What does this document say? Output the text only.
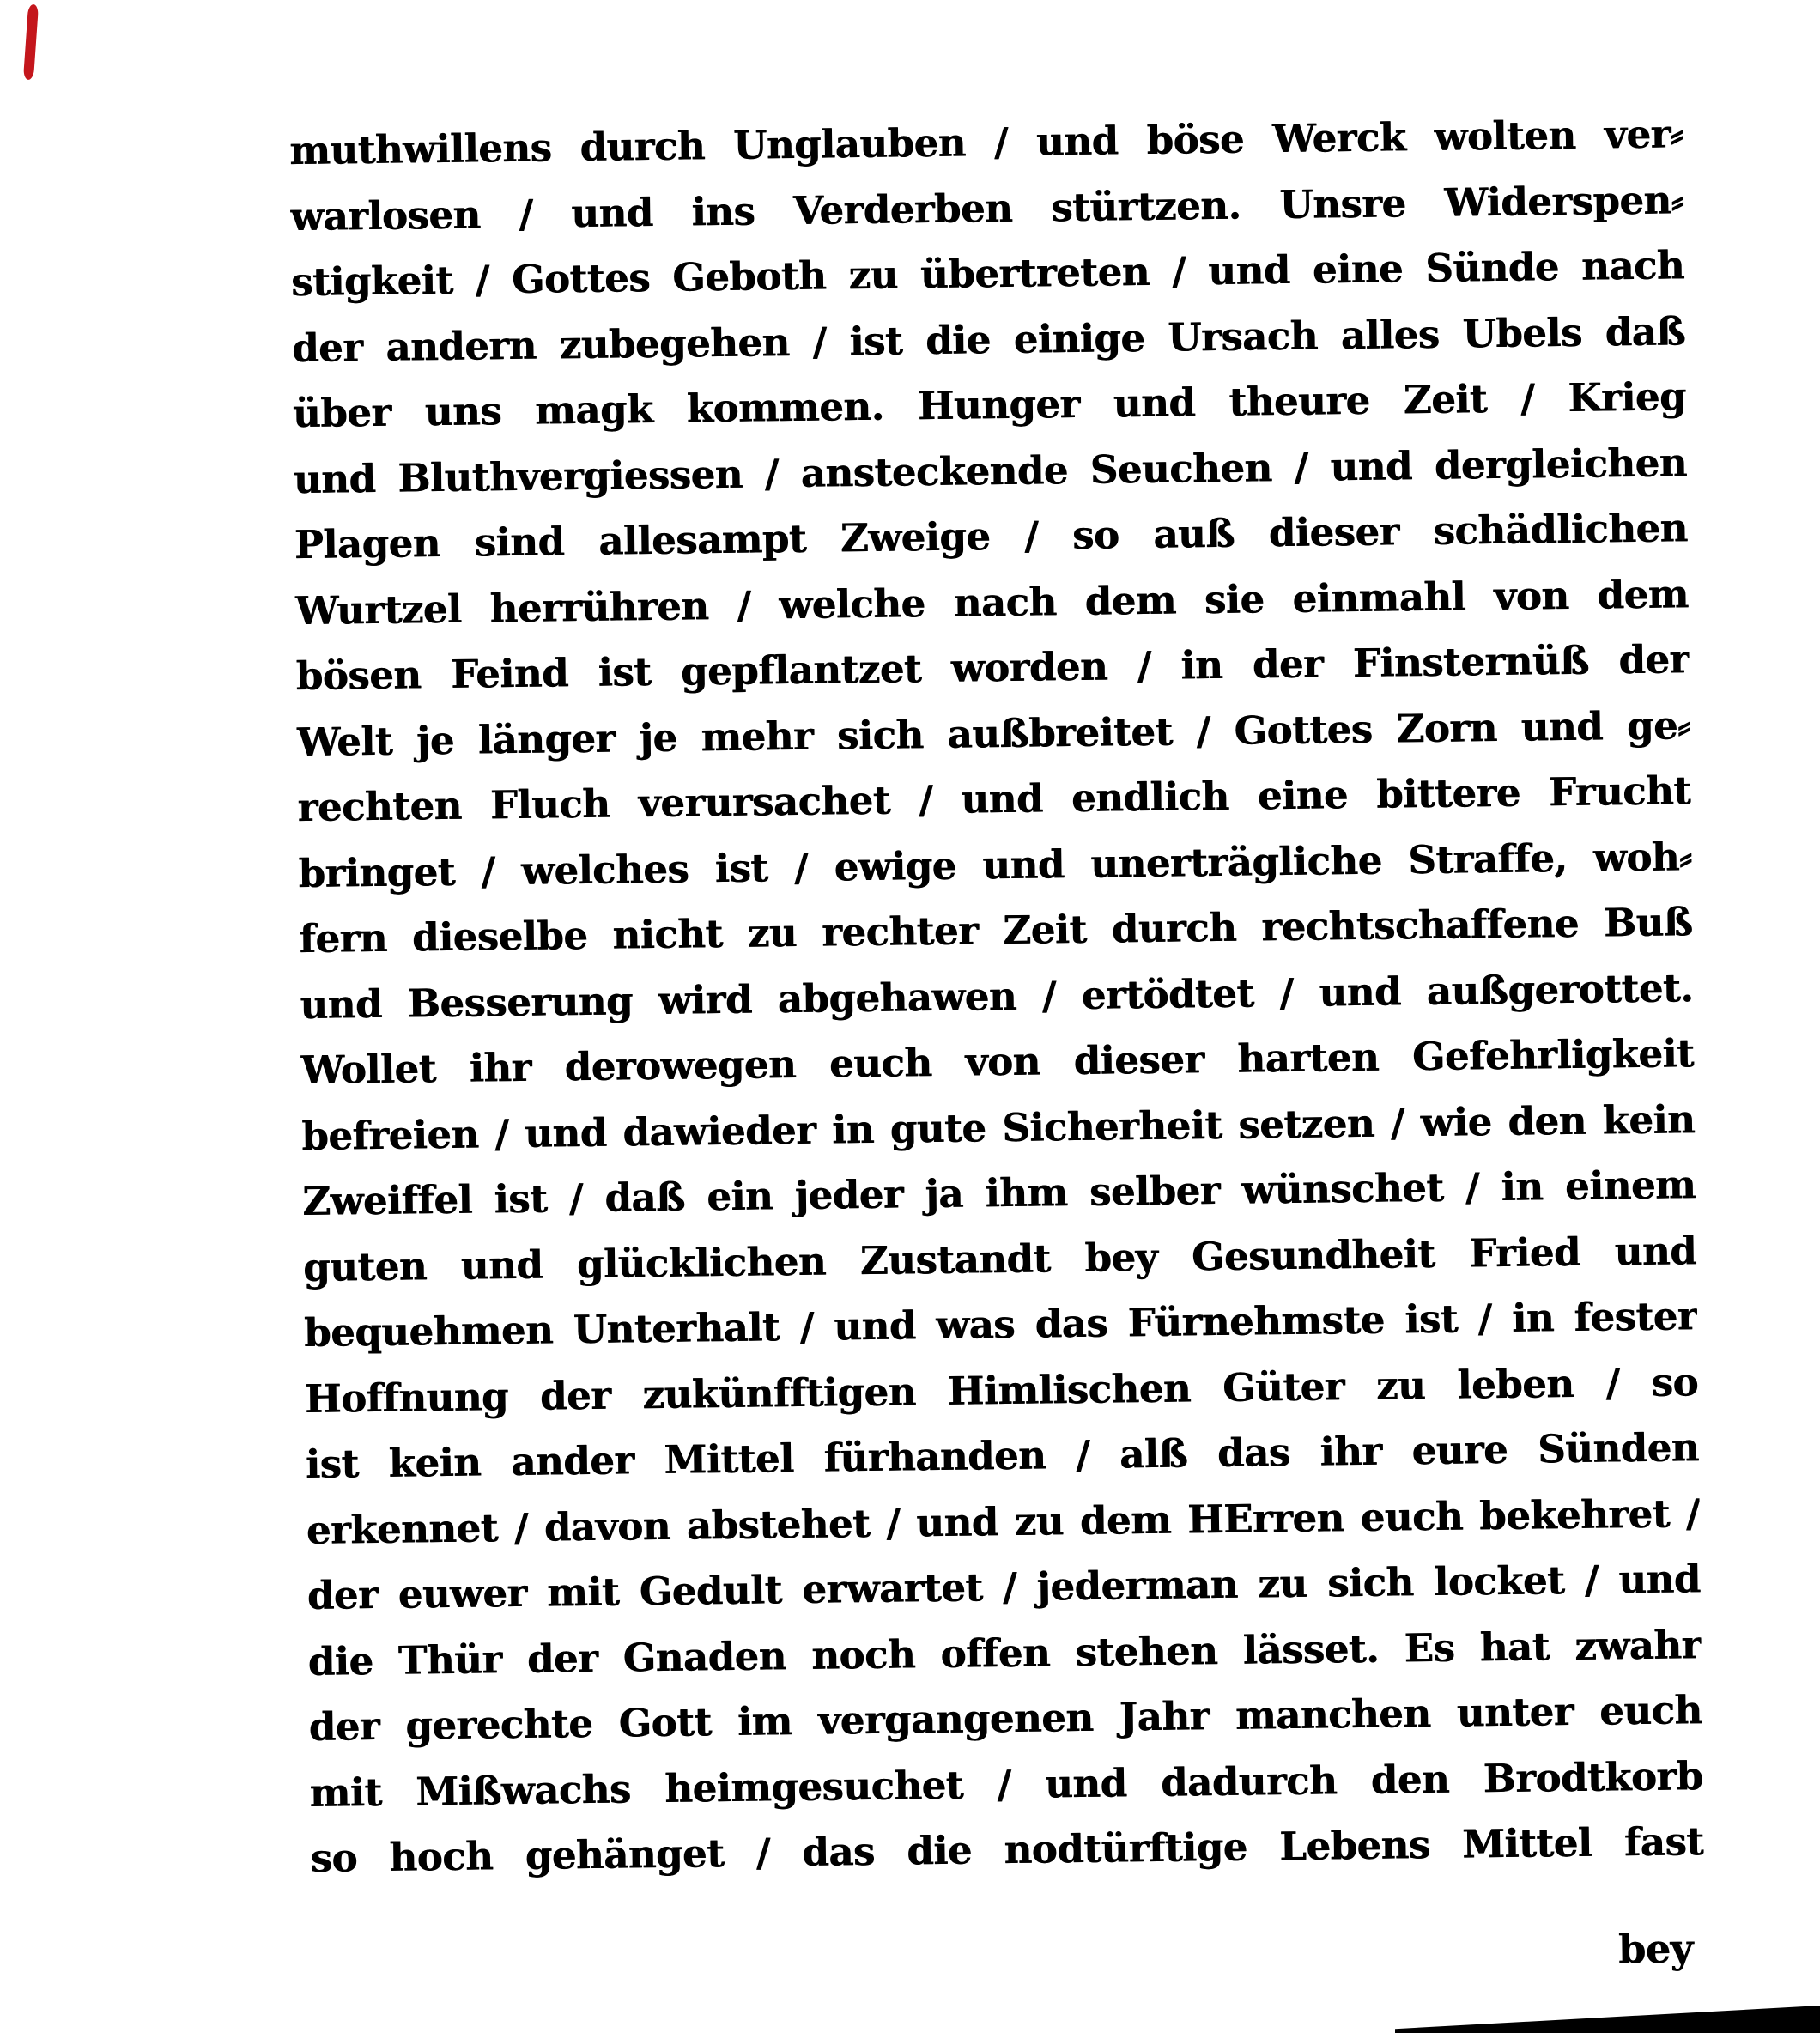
muthwillens durch Unglauben / und böse Werck wolten ver⸗
warlosen / und ins Verderben stürtzen. Unsre Widerspen⸗
stigkeit / Gottes Geboth zu übertreten / und eine Sünde nach
der andern zubegehen / ist die einige Ursach alles Ubels daß
über uns magk kommen. Hunger und theure Zeit / Krieg
und Bluthvergiessen / ansteckende Seuchen / und dergleichen
Plagen sind allesampt Zweige / so auß dieser schädlichen
Wurtzel herrühren / welche nach dem sie einmahl von dem
bösen Feind ist gepflantzet worden / in der Finsternüß der
Welt je länger je mehr sich außbreitet / Gottes Zorn und ge⸗
rechten Fluch verursachet / und endlich eine bittere Frucht
bringet / welches ist / ewige und unerträgliche Straffe, woh⸗
fern dieselbe nicht zu rechter Zeit durch rechtschaffene Buß
und Besserung wird abgehawen / ertödtet / und außgerottet.
Wollet ihr derowegen euch von dieser harten Gefehrligkeit
befreien / und dawieder in gute Sicherheit setzen / wie den kein
Zweiffel ist / daß ein jeder ja ihm selber wünschet / in einem
guten und glücklichen Zustandt bey Gesundheit Fried und
bequehmen Unterhalt / und was das Fürnehmste ist / in fester
Hoffnung der zukünfftigen Himlischen Güter zu leben / so
ist kein ander Mittel fürhanden / alß das ihr eure Sünden
erkennet / davon abstehet / und zu dem HErren euch bekehret /
der euwer mit Gedult erwartet / jederman zu sich locket / und
die Thür der Gnaden noch offen stehen lässet. Es hat zwahr
der gerechte Gott im vergangenen Jahr manchen unter euch
mit Mißwachs heimgesuchet / und dadurch den Brodtkorb
so hoch gehänget / das die nodtürftige Lebens Mittel fast
bey
